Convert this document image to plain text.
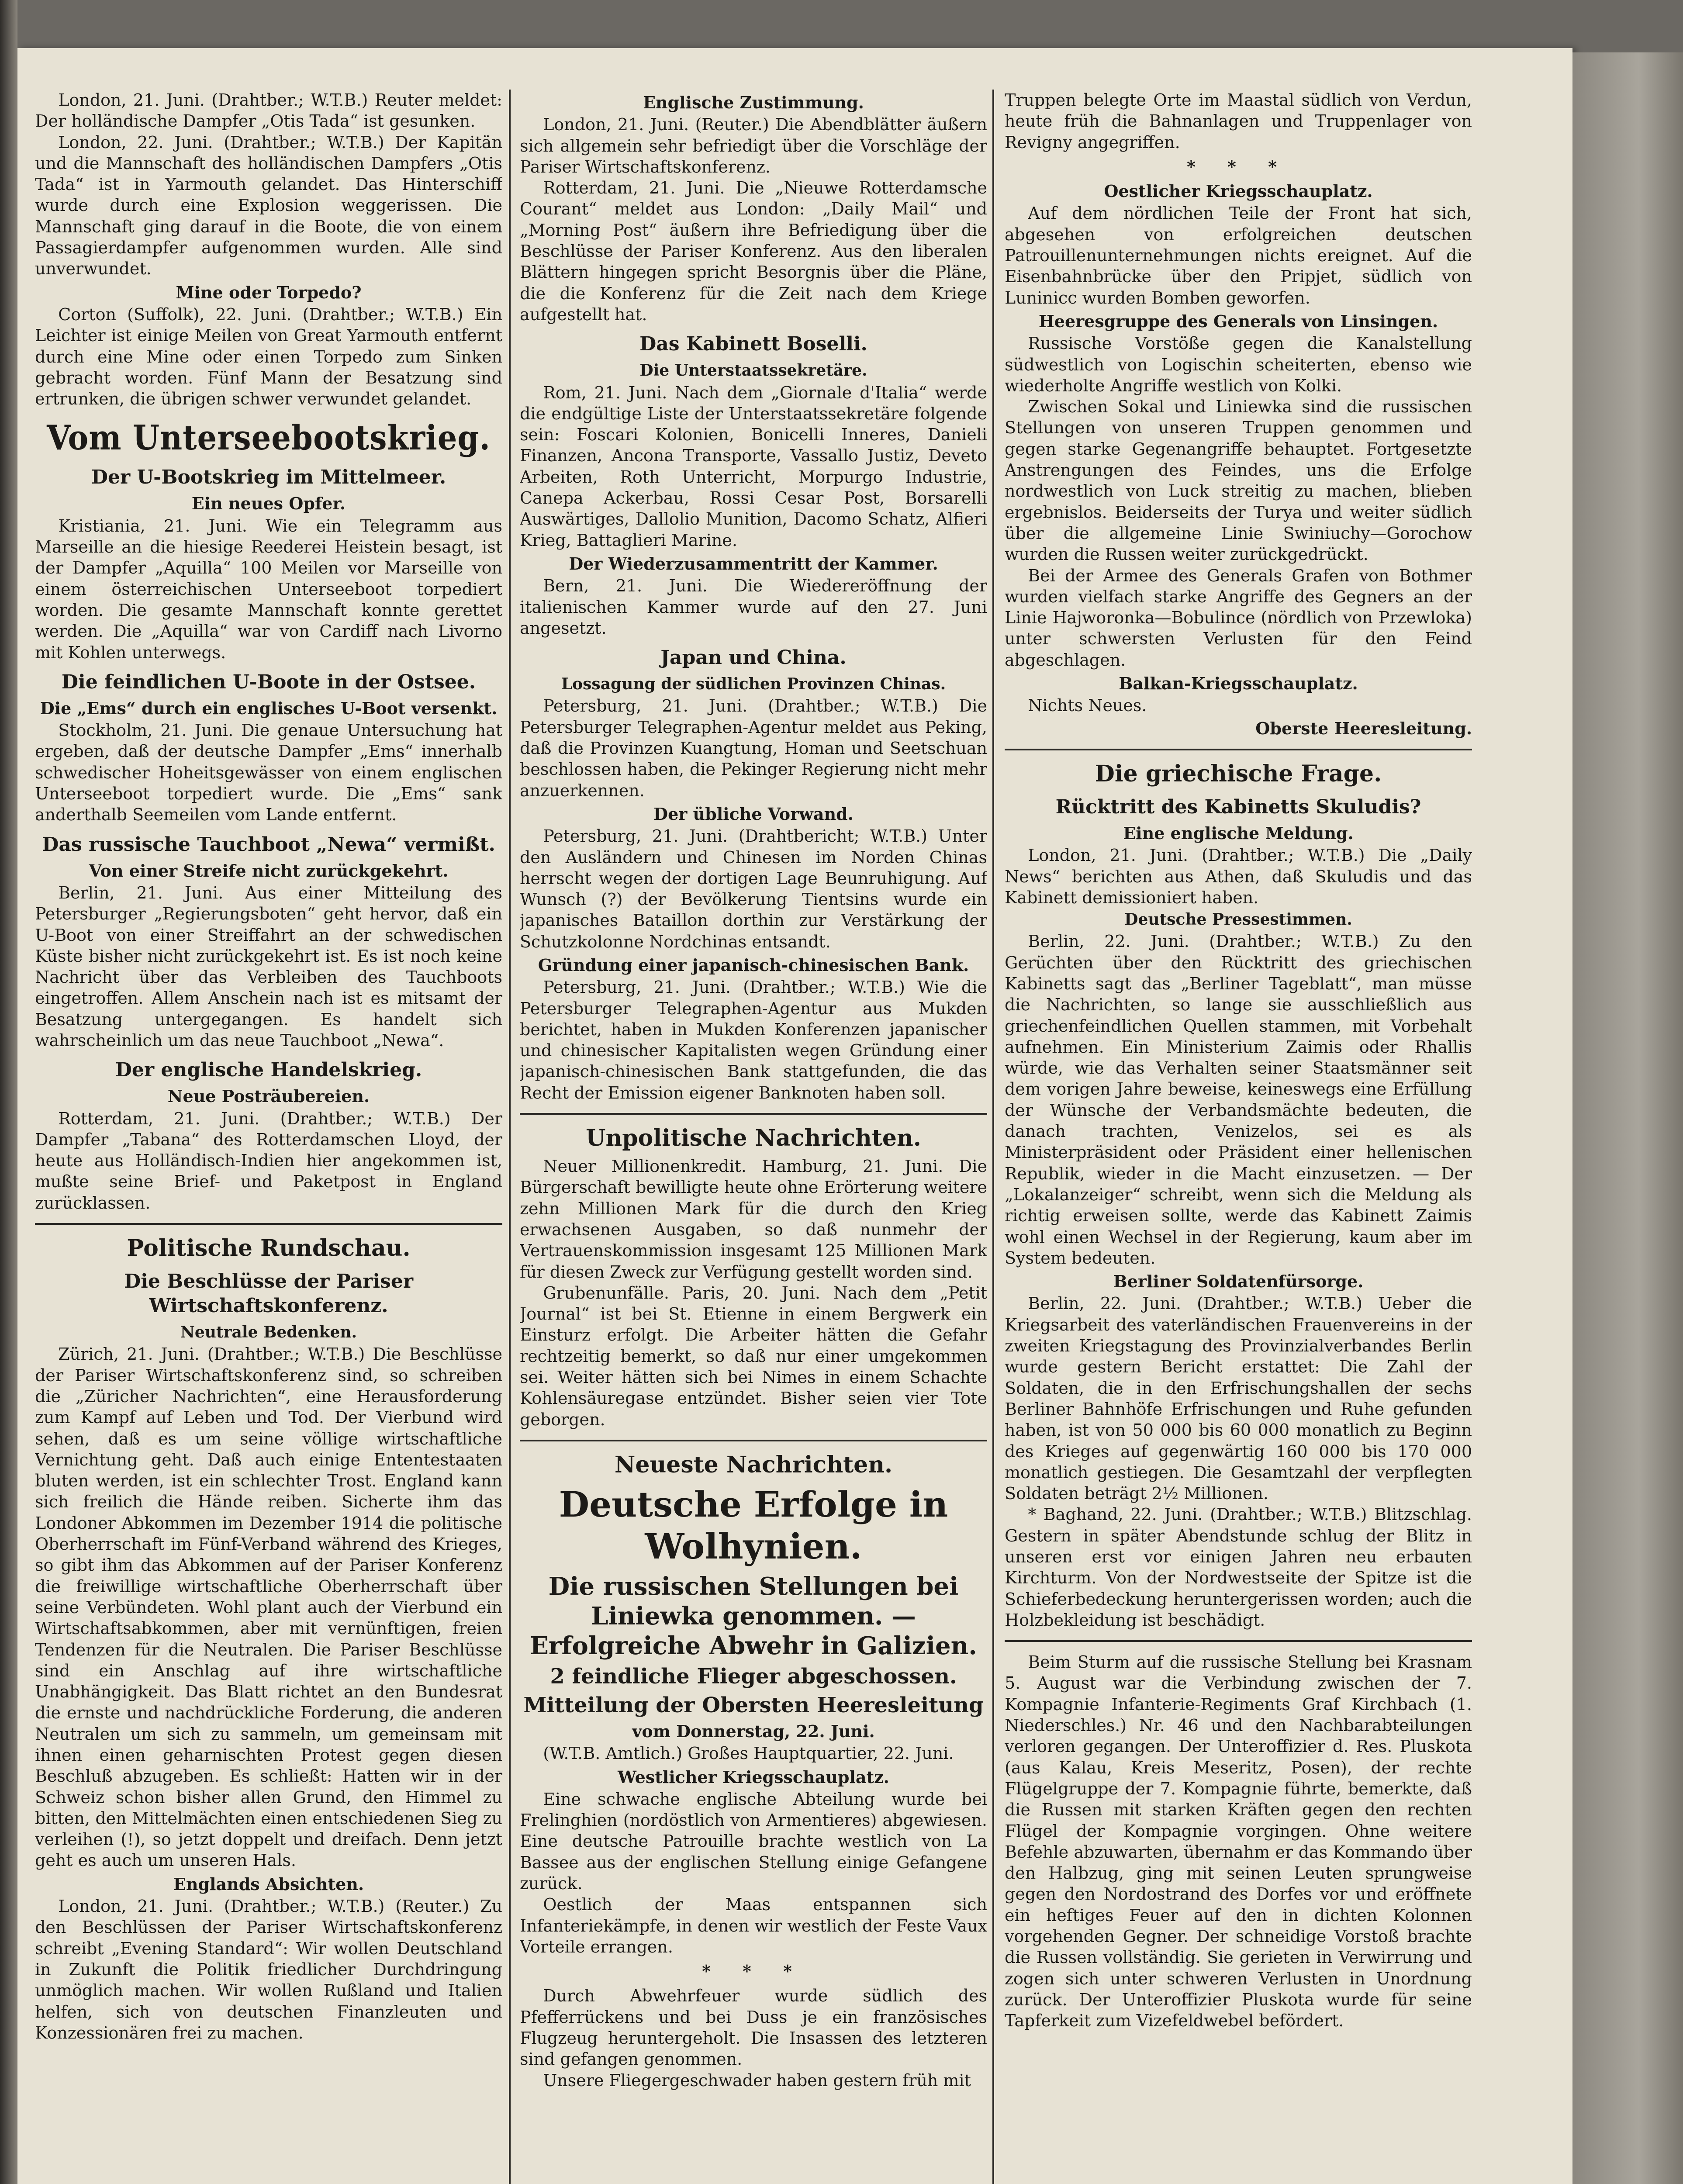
London, 21. Juni. (Drahtber.; W.T.B.) Reuter meldet: Der holländische Dampfer „Otis Tada“ ist gesunken.

London, 22. Juni. (Drahtber.; W.T.B.) Der Kapitän und die Mannschaft des holländischen Dampfers „Otis Tada“ ist in Yarmouth gelandet. Das Hinterschiff wurde durch eine Explosion weggerissen. Die Mannschaft ging darauf in die Boote, die von einem Passagierdampfer aufgenommen wurden. Alle sind unverwundet.

Mine oder Torpedo?

Corton (Suffolk), 22. Juni. (Drahtber.; W.T.B.) Ein Leichter ist einige Meilen von Great Yarmouth entfernt durch eine Mine oder einen Torpedo zum Sinken gebracht worden. Fünf Mann der Besatzung sind ertrunken, die übrigen schwer verwundet gelandet.

Vom Unterseebootskrieg.
Der U-Bootskrieg im Mittelmeer.
Ein neues Opfer.

Kristiania, 21. Juni. Wie ein Telegramm aus Marseille an die hiesige Reederei Heistein besagt, ist der Dampfer „Aquilla“ 100 Meilen vor Marseille von einem österreichischen Unterseeboot torpediert worden. Die gesamte Mannschaft konnte gerettet werden. Die „Aquilla“ war von Cardiff nach Livorno mit Kohlen unterwegs.

Die feindlichen U-Boote in der Ostsee.
Die „Ems“ durch ein englisches U-Boot versenkt.

Stockholm, 21. Juni. Die genaue Untersuchung hat ergeben, daß der deutsche Dampfer „Ems“ innerhalb schwedischer Hoheitsgewässer von einem englischen Unterseeboot torpediert wurde. Die „Ems“ sank anderthalb Seemeilen vom Lande entfernt.

Das russische Tauchboot „Newa“ vermißt.
Von einer Streife nicht zurückgekehrt.

Berlin, 21. Juni. Aus einer Mitteilung des Petersburger „Regierungsboten“ geht hervor, daß ein U-Boot von einer Streiffahrt an der schwedischen Küste bisher nicht zurückgekehrt ist. Es ist noch keine Nachricht über das Verbleiben des Tauchboots eingetroffen. Allem Anschein nach ist es mitsamt der Besatzung untergegangen. Es handelt sich wahrscheinlich um das neue Tauchboot „Newa“.

Der englische Handelskrieg.
Neue Posträubereien.

Rotterdam, 21. Juni. (Drahtber.; W.T.B.) Der Dampfer „Tabana“ des Rotterdamschen Lloyd, der heute aus Holländisch-Indien hier angekommen ist, mußte seine Brief- und Paketpost in England zurücklassen.

Politische Rundschau.
Die Beschlüsse der Pariser Wirtschaftskonferenz.
Neutrale Bedenken.

Zürich, 21. Juni. (Drahtber.; W.T.B.) Die Beschlüsse der Pariser Wirtschaftskonferenz sind, so schreiben die „Züricher Nachrichten“, eine Herausforderung zum Kampf auf Leben und Tod. Der Vierbund wird sehen, daß es um seine völlige wirtschaftliche Vernichtung geht. Daß auch einige Ententestaaten bluten werden, ist ein schlechter Trost. England kann sich freilich die Hände reiben. Sicherte ihm das Londoner Abkommen im Dezember 1914 die politische Oberherrschaft im Fünf-Verband während des Krieges, so gibt ihm das Abkommen auf der Pariser Konferenz die freiwillige wirtschaftliche Oberherrschaft über seine Verbündeten. Wohl plant auch der Vierbund ein Wirtschaftsabkommen, aber mit vernünftigen, freien Tendenzen für die Neutralen. Die Pariser Beschlüsse sind ein Anschlag auf ihre wirtschaftliche Unabhängigkeit. Das Blatt richtet an den Bundesrat die ernste und nachdrückliche Forderung, die anderen Neutralen um sich zu sammeln, um gemeinsam mit ihnen einen geharnischten Protest gegen diesen Beschluß abzugeben. Es schließt: Hatten wir in der Schweiz schon bisher allen Grund, den Himmel zu bitten, den Mittelmächten einen entschiedenen Sieg zu verleihen (!), so jetzt doppelt und dreifach. Denn jetzt geht es auch um unseren Hals.

Englands Absichten.

London, 21. Juni. (Drahtber.; W.T.B.) (Reuter.) Zu den Beschlüssen der Pariser Wirtschaftskonferenz schreibt „Evening Standard“: Wir wollen Deutschland in Zukunft die Politik friedlicher Durchdringung unmöglich machen. Wir wollen Rußland und Italien helfen, sich von deutschen Finanzleuten und Konzessionären frei zu machen.

Englische Zustimmung.

London, 21. Juni. (Reuter.) Die Abendblätter äußern sich allgemein sehr befriedigt über die Vorschläge der Pariser Wirtschaftskonferenz.

Rotterdam, 21. Juni. Die „Nieuwe Rotterdamsche Courant“ meldet aus London: „Daily Mail“ und „Morning Post“ äußern ihre Befriedigung über die Beschlüsse der Pariser Konferenz. Aus den liberalen Blättern hingegen spricht Besorgnis über die Pläne, die die Konferenz für die Zeit nach dem Kriege aufgestellt hat.

Das Kabinett Boselli.
Die Unterstaatssekretäre.

Rom, 21. Juni. Nach dem „Giornale d'Italia“ werde die endgültige Liste der Unterstaatssekretäre folgende sein: Foscari Kolonien, Bonicelli Inneres, Danieli Finanzen, Ancona Transporte, Vassallo Justiz, Deveto Arbeiten, Roth Unterricht, Morpurgo Industrie, Canepa Ackerbau, Rossi Cesar Post, Borsarelli Auswärtiges, Dallolio Munition, Dacomo Schatz, Alfieri Krieg, Battaglieri Marine.

Der Wiederzusammentritt der Kammer.

Bern, 21. Juni. Die Wiedereröffnung der italienischen Kammer wurde auf den 27. Juni angesetzt.

Japan und China.
Lossagung der südlichen Provinzen Chinas.

Petersburg, 21. Juni. (Drahtber.; W.T.B.) Die Petersburger Telegraphen-Agentur meldet aus Peking, daß die Provinzen Kuangtung, Homan und Seetschuan beschlossen haben, die Pekinger Regierung nicht mehr anzuerkennen.

Der übliche Vorwand.

Petersburg, 21. Juni. (Drahtbericht; W.T.B.) Unter den Ausländern und Chinesen im Norden Chinas herrscht wegen der dortigen Lage Beunruhigung. Auf Wunsch (?) der Bevölkerung Tientsins wurde ein japanisches Bataillon dorthin zur Verstärkung der Schutzkolonne Nordchinas entsandt.

Gründung einer japanisch-chinesischen Bank.

Petersburg, 21. Juni. (Drahtber.; W.T.B.) Wie die Petersburger Telegraphen-Agentur aus Mukden berichtet, haben in Mukden Konferenzen japanischer und chinesischer Kapitalisten wegen Gründung einer japanisch-chinesischen Bank stattgefunden, die das Recht der Emission eigener Banknoten haben soll.

Unpolitische Nachrichten.

Neuer Millionenkredit. Hamburg, 21. Juni. Die Bürgerschaft bewilligte heute ohne Erörterung weitere zehn Millionen Mark für die durch den Krieg erwachsenen Ausgaben, so daß nunmehr der Vertrauenskommission insgesamt 125 Millionen Mark für diesen Zweck zur Verfügung gestellt worden sind.

Grubenunfälle. Paris, 20. Juni. Nach dem „Petit Journal“ ist bei St. Etienne in einem Bergwerk ein Einsturz erfolgt. Die Arbeiter hätten die Gefahr rechtzeitig bemerkt, so daß nur einer umgekommen sei. Weiter hätten sich bei Nimes in einem Schachte Kohlensäuregase entzündet. Bisher seien vier Tote geborgen.

Neueste Nachrichten.
Deutsche Erfolge in Wolhynien.
Die russischen Stellungen bei Liniewka genommen. — Erfolgreiche Abwehr in Galizien.
2 feindliche Flieger abgeschossen.
Mitteilung der Obersten Heeresleitung
vom Donnerstag, 22. Juni.

(W.T.B. Amtlich.) Großes Hauptquartier, 22. Juni.

Westlicher Kriegsschauplatz.

Eine schwache englische Abteilung wurde bei Frelinghien (nordöstlich von Armentieres) abgewiesen. Eine deutsche Patrouille brachte westlich von La Bassee aus der englischen Stellung einige Gefangene zurück.

Oestlich der Maas entspannen sich Infanteriekämpfe, in denen wir westlich der Feste Vaux Vorteile errangen.

* * *

Durch Abwehrfeuer wurde südlich des Pfefferrückens und bei Duss je ein französisches Flugzeug heruntergeholt. Die Insassen des letzteren sind gefangen genommen.

Unsere Fliegergeschwader haben gestern früh mit

Truppen belegte Orte im Maastal südlich von Verdun, heute früh die Bahnanlagen und Truppenlager von Revigny angegriffen.

* * *
Oestlicher Kriegsschauplatz.

Auf dem nördlichen Teile der Front hat sich, abgesehen von erfolgreichen deutschen Patrouillenunternehmungen nichts ereignet. Auf die Eisenbahnbrücke über den Pripjet, südlich von Luninicc wurden Bomben geworfen.

Heeresgruppe des Generals von Linsingen.

Russische Vorstöße gegen die Kanalstellung südwestlich von Logischin scheiterten, ebenso wie wiederholte Angriffe westlich von Kolki.

Zwischen Sokal und Liniewka sind die russischen Stellungen von unseren Truppen genommen und gegen starke Gegenangriffe behauptet. Fortgesetzte Anstrengungen des Feindes, uns die Erfolge nordwestlich von Luck streitig zu machen, blieben ergebnislos. Beiderseits der Turya und weiter südlich über die allgemeine Linie Swiniuchy—Gorochow wurden die Russen weiter zurückgedrückt.

Bei der Armee des Generals Grafen von Bothmer wurden vielfach starke Angriffe des Gegners an der Linie Hajworonka—Bobulince (nördlich von Przewloka) unter schwersten Verlusten für den Feind abgeschlagen.

Balkan-Kriegsschauplatz.

Nichts Neues.

Oberste Heeresleitung.
Die griechische Frage.
Rücktritt des Kabinetts Skuludis?
Eine englische Meldung.

London, 21. Juni. (Drahtber.; W.T.B.) Die „Daily News“ berichten aus Athen, daß Skuludis und das Kabinett demissioniert haben.

Deutsche Pressestimmen.

Berlin, 22. Juni. (Drahtber.; W.T.B.) Zu den Gerüchten über den Rücktritt des griechischen Kabinetts sagt das „Berliner Tageblatt“, man müsse die Nachrichten, so lange sie ausschließlich aus griechenfeindlichen Quellen stammen, mit Vorbehalt aufnehmen. Ein Ministerium Zaimis oder Rhallis würde, wie das Verhalten seiner Staatsmänner seit dem vorigen Jahre beweise, keineswegs eine Erfüllung der Wünsche der Verbandsmächte bedeuten, die danach trachten, Venizelos, sei es als Ministerpräsident oder Präsident einer hellenischen Republik, wieder in die Macht einzusetzen. — Der „Lokalanzeiger“ schreibt, wenn sich die Meldung als richtig erweisen sollte, werde das Kabinett Zaimis wohl einen Wechsel in der Regierung, kaum aber im System bedeuten.

Berliner Soldatenfürsorge.

Berlin, 22. Juni. (Drahtber.; W.T.B.) Ueber die Kriegsarbeit des vaterländischen Frauenvereins in der zweiten Kriegstagung des Provinzialverbandes Berlin wurde gestern Bericht erstattet: Die Zahl der Soldaten, die in den Erfrischungshallen der sechs Berliner Bahnhöfe Erfrischungen und Ruhe gefunden haben, ist von 50 000 bis 60 000 monatlich zu Beginn des Krieges auf gegenwärtig 160 000 bis 170 000 monatlich gestiegen. Die Gesamtzahl der verpflegten Soldaten beträgt 2½ Millionen.

* Baghand, 22. Juni. (Drahtber.; W.T.B.) Blitzschlag. Gestern in später Abendstunde schlug der Blitz in unseren erst vor einigen Jahren neu erbauten Kirchturm. Von der Nordwestseite der Spitze ist die Schieferbedeckung heruntergerissen worden; auch die Holzbekleidung ist beschädigt.

Beim Sturm auf die russische Stellung bei Krasnam 5. August war die Verbindung zwischen der 7. Kompagnie Infanterie-Regiments Graf Kirchbach (1. Niederschles.) Nr. 46 und den Nachbarabteilungen verloren gegangen. Der Unteroffizier d. Res. Pluskota (aus Kalau, Kreis Meseritz, Posen), der rechte Flügelgruppe der 7. Kompagnie führte, bemerkte, daß die Russen mit starken Kräften gegen den rechten Flügel der Kompagnie vorgingen. Ohne weitere Befehle abzuwarten, übernahm er das Kommando über den Halbzug, ging mit seinen Leuten sprungweise gegen den Nordostrand des Dorfes vor und eröffnete ein heftiges Feuer auf den in dichten Kolonnen vorgehenden Gegner. Der schneidige Vorstoß brachte die Russen vollständig. Sie gerieten in Verwirrung und zogen sich unter schweren Verlusten in Unordnung zurück. Der Unteroffizier Pluskota wurde für seine Tapferkeit zum Vizefeldwebel befördert.
